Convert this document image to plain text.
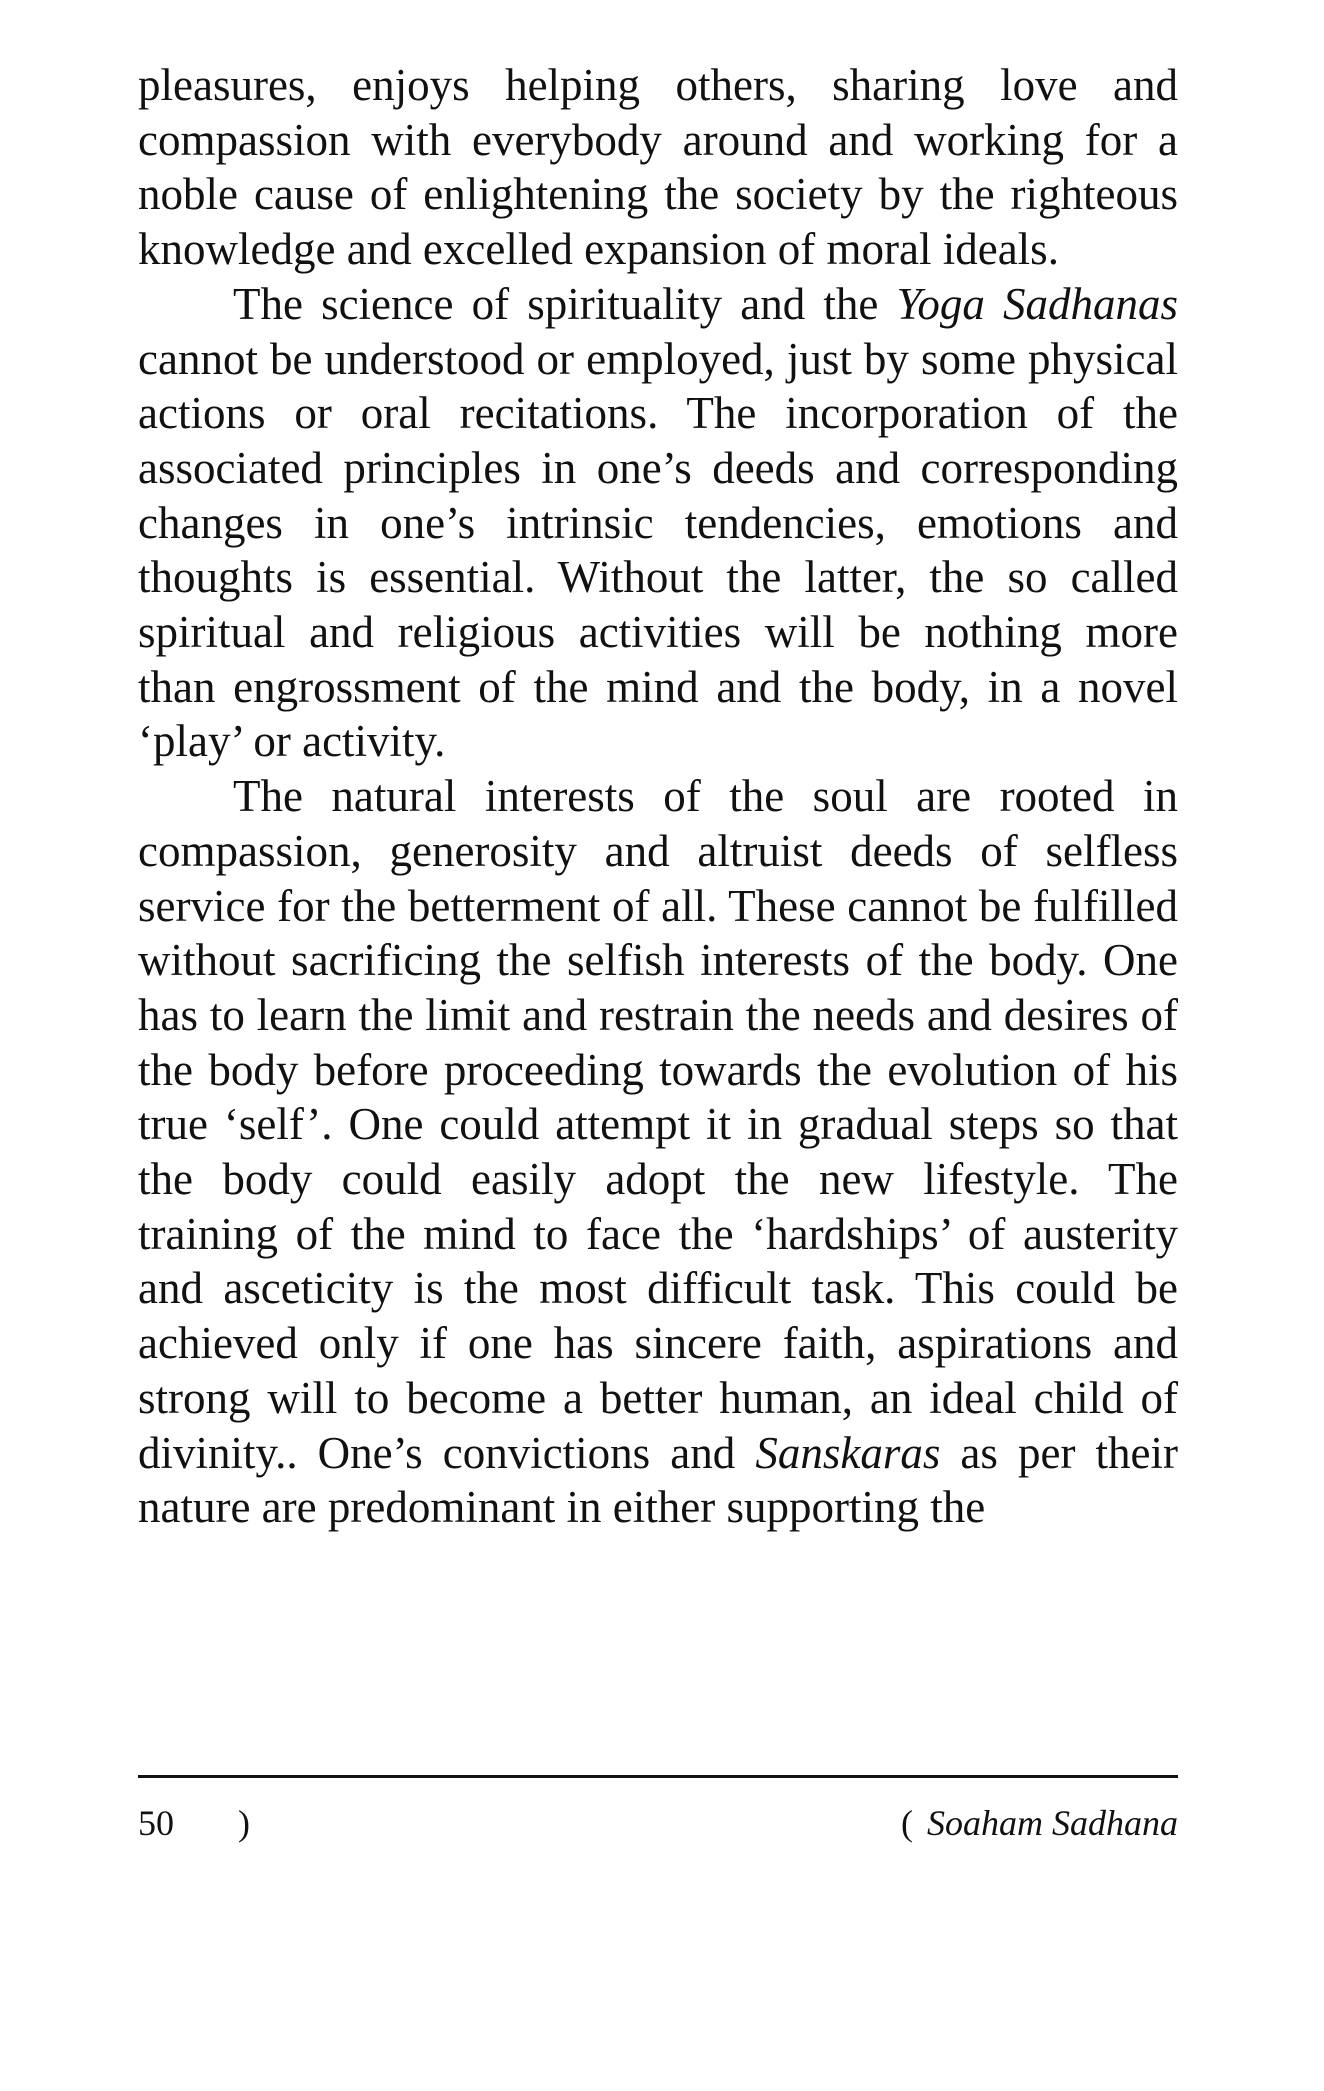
pleasures, enjoys helping others, sharing love and compassion with everybody around and working for a noble cause of enlightening the society by the righteous knowledge and excelled expansion of moral ideals.

The science of spirituality and the Yoga Sadhanas cannot be understood or employed, just by some physical actions or oral recitations. The incorporation of the associated principles in one’s deeds and corresponding changes in one’s intrinsic tendencies, emotions and thoughts is essential. Without the latter, the so called spiritual and religious activities will be nothing more than engrossment of the mind and the body, in a novel ‘play’ or activity.

The natural interests of the soul are rooted in compassion, generosity and altruist deeds of selfless service for the betterment of all. These cannot be fulfilled without sacrificing the selfish interests of the body. One has to learn the limit and restrain the needs and desires of the body before proceeding towards the evolution of his true ‘self’. One could attempt it in gradual steps so that the body could easily adopt the new lifestyle. The training of the mind to face the ‘hardships’ of austerity and asceticity is the most difficult task. This could be achieved only if one has sincere faith, aspirations and strong will to become a better human, an ideal child of divinity.. One’s convictions and Sanskaras as per their nature are predominant in either supporting the

50 )	( Soaham Sadhana
